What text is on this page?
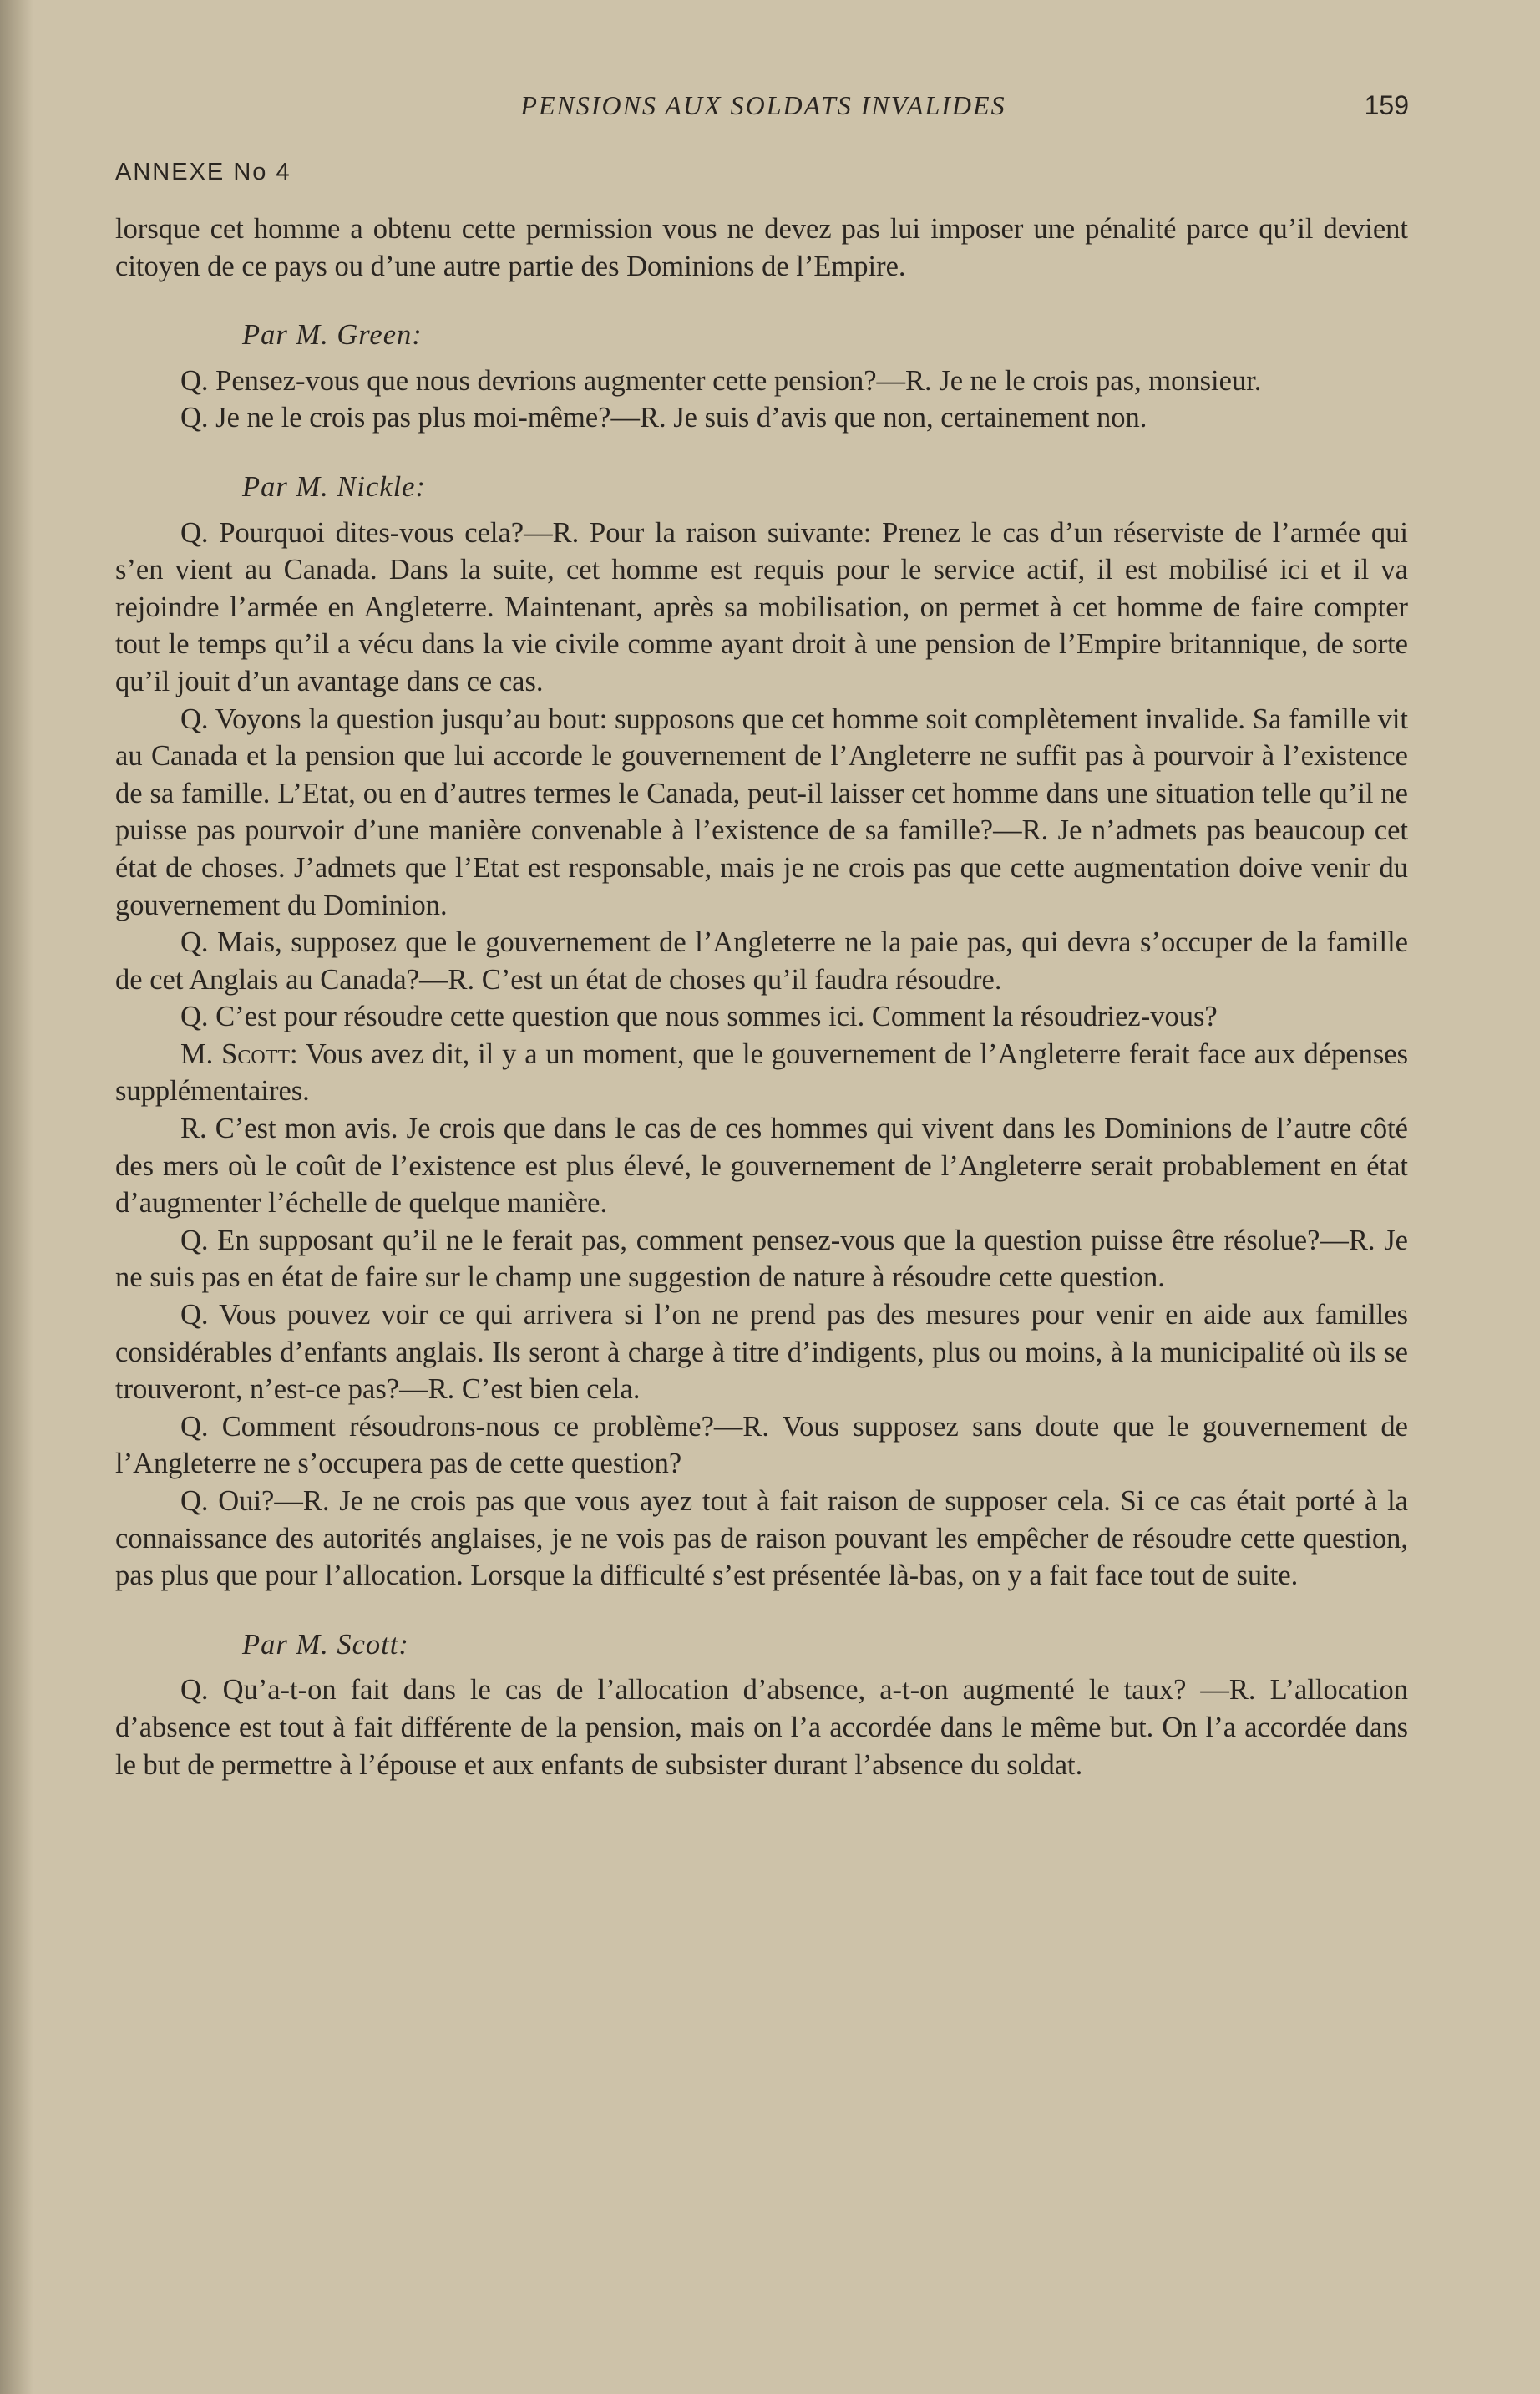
PENSIONS AUX SOLDATS INVALIDES	159
ANNEXE No 4

lorsque cet homme a obtenu cette permission vous ne devez pas lui imposer une pénalité parce qu’il devient citoyen de ce pays ou d’une autre partie des Dominions de l’Empire.

Par M. Green:

Q. Pensez-vous que nous devrions augmenter cette pension?—R. Je ne le crois pas, monsieur.

Q. Je ne le crois pas plus moi-même?—R. Je suis d’avis que non, certainement non.

Par M. Nickle:

Q. Pourquoi dites-vous cela?—R. Pour la raison suivante: Prenez le cas d’un réserviste de l’armée qui s’en vient au Canada. Dans la suite, cet homme est requis pour le service actif, il est mobilisé ici et il va rejoindre l’armée en Angleterre. Maintenant, après sa mobilisation, on permet à cet homme de faire compter tout le temps qu’il a vécu dans la vie civile comme ayant droit à une pension de l’Empire britannique, de sorte qu’il jouit d’un avantage dans ce cas.

Q. Voyons la question jusqu’au bout: supposons que cet homme soit complètement invalide. Sa famille vit au Canada et la pension que lui accorde le gouvernement de l’Angleterre ne suffit pas à pourvoir à l’existence de sa famille. L’Etat, ou en d’autres termes le Canada, peut-il laisser cet homme dans une situation telle qu’il ne puisse pas pourvoir d’une manière convenable à l’existence de sa famille?—R. Je n’admets pas beaucoup cet état de choses. J’admets que l’Etat est responsable, mais je ne crois pas que cette augmentation doive venir du gouvernement du Dominion.

Q. Mais, supposez que le gouvernement de l’Angleterre ne la paie pas, qui devra s’occuper de la famille de cet Anglais au Canada?—R. C’est un état de choses qu’il faudra résoudre.

Q. C’est pour résoudre cette question que nous sommes ici. Comment la résoudriez-vous?

M. Scott: Vous avez dit, il y a un moment, que le gouvernement de l’Angleterre ferait face aux dépenses supplémentaires.

R. C’est mon avis. Je crois que dans le cas de ces hommes qui vivent dans les Dominions de l’autre côté des mers où le coût de l’existence est plus élevé, le gouvernement de l’Angleterre serait probablement en état d’augmenter l’échelle de quelque manière.

Q. En supposant qu’il ne le ferait pas, comment pensez-vous que la question puisse être résolue?—R. Je ne suis pas en état de faire sur le champ une suggestion de nature à résoudre cette question.

Q. Vous pouvez voir ce qui arrivera si l’on ne prend pas des mesures pour venir en aide aux familles considérables d’enfants anglais. Ils seront à charge à titre d’indigents, plus ou moins, à la municipalité où ils se trouveront, n’est-ce pas?—R. C’est bien cela.

Q. Comment résoudrons-nous ce problème?—R. Vous supposez sans doute que le gouvernement de l’Angleterre ne s’occupera pas de cette question?

Q. Oui?—R. Je ne crois pas que vous ayez tout à fait raison de supposer cela. Si ce cas était porté à la connaissance des autorités anglaises, je ne vois pas de raison pouvant les empêcher de résoudre cette question, pas plus que pour l’allocation. Lorsque la difficulté s’est présentée là-bas, on y a fait face tout de suite.

Par M. Scott:

Q. Qu’a-t-on fait dans le cas de l’allocation d’absence, a-t-on augmenté le taux? —R. L’allocation d’absence est tout à fait différente de la pension, mais on l’a accordée dans le même but. On l’a accordée dans le but de permettre à l’épouse et aux enfants de subsister durant l’absence du soldat.
